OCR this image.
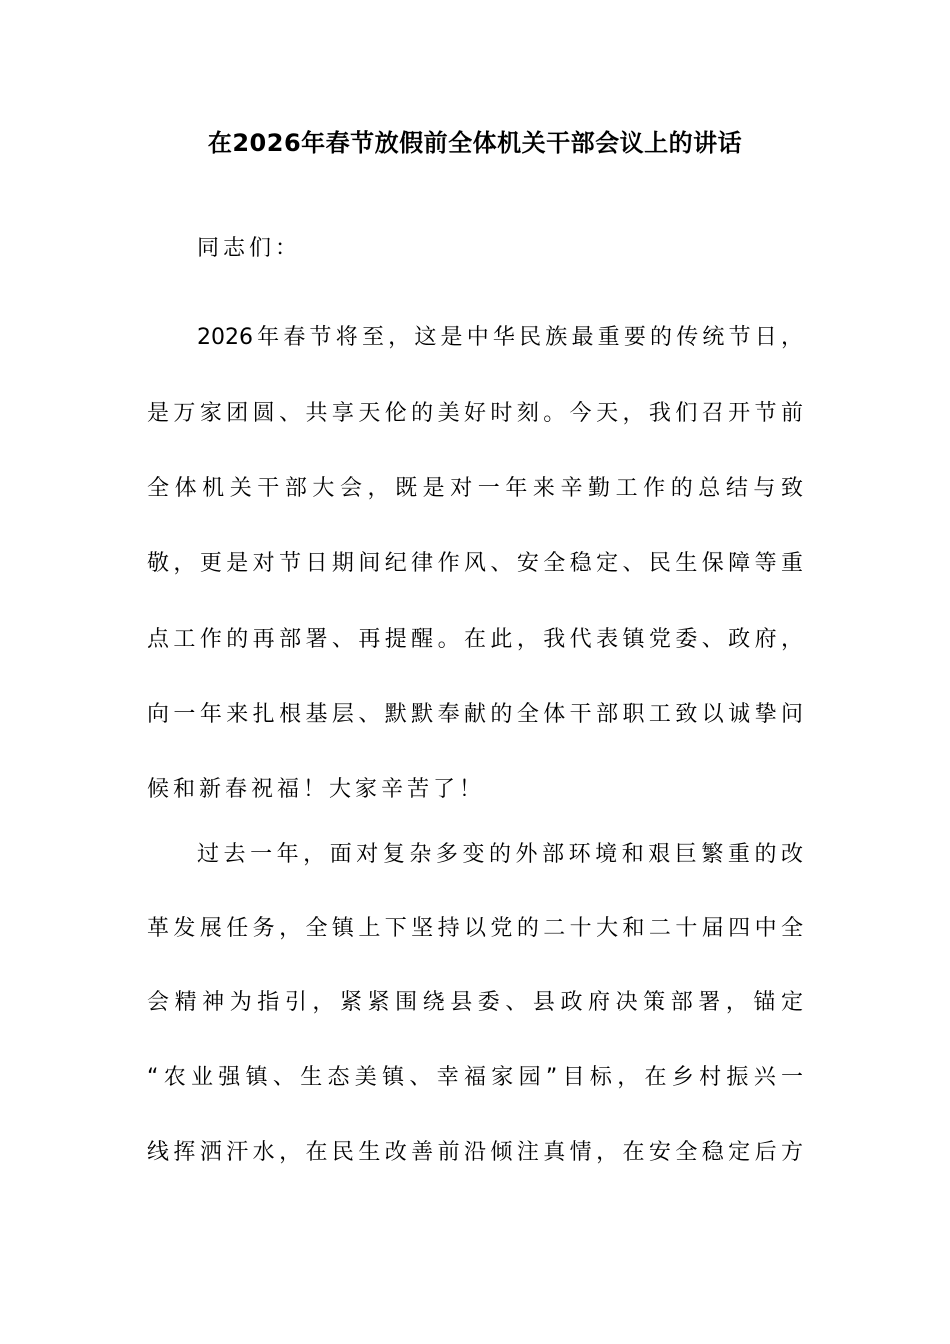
在2026年春节放假前全体机关干部会议上的讲话
同志们：
2026年春节将至，这是中华民族最重要的传统节日，
是万家团圆、共享天伦的美好时刻。今天，我们召开节前
全体机关干部大会，既是对一年来辛勤工作的总结与致
敬，更是对节日期间纪律作风、安全稳定、民生保障等重
点工作的再部署、再提醒。在此，我代表镇党委、政府，
向一年来扎根基层、默默奉献的全体干部职工致以诚挚问
候和新春祝福！大家辛苦了！
过去一年，面对复杂多变的外部环境和艰巨繁重的改
革发展任务，全镇上下坚持以党的二十大和二十届四中全
会精神为指引，紧紧围绕县委、县政府决策部署，锚定
“农业强镇、生态美镇、幸福家园”目标，在乡村振兴一
线挥洒汗水，在民生改善前沿倾注真情，在安全稳定后方
